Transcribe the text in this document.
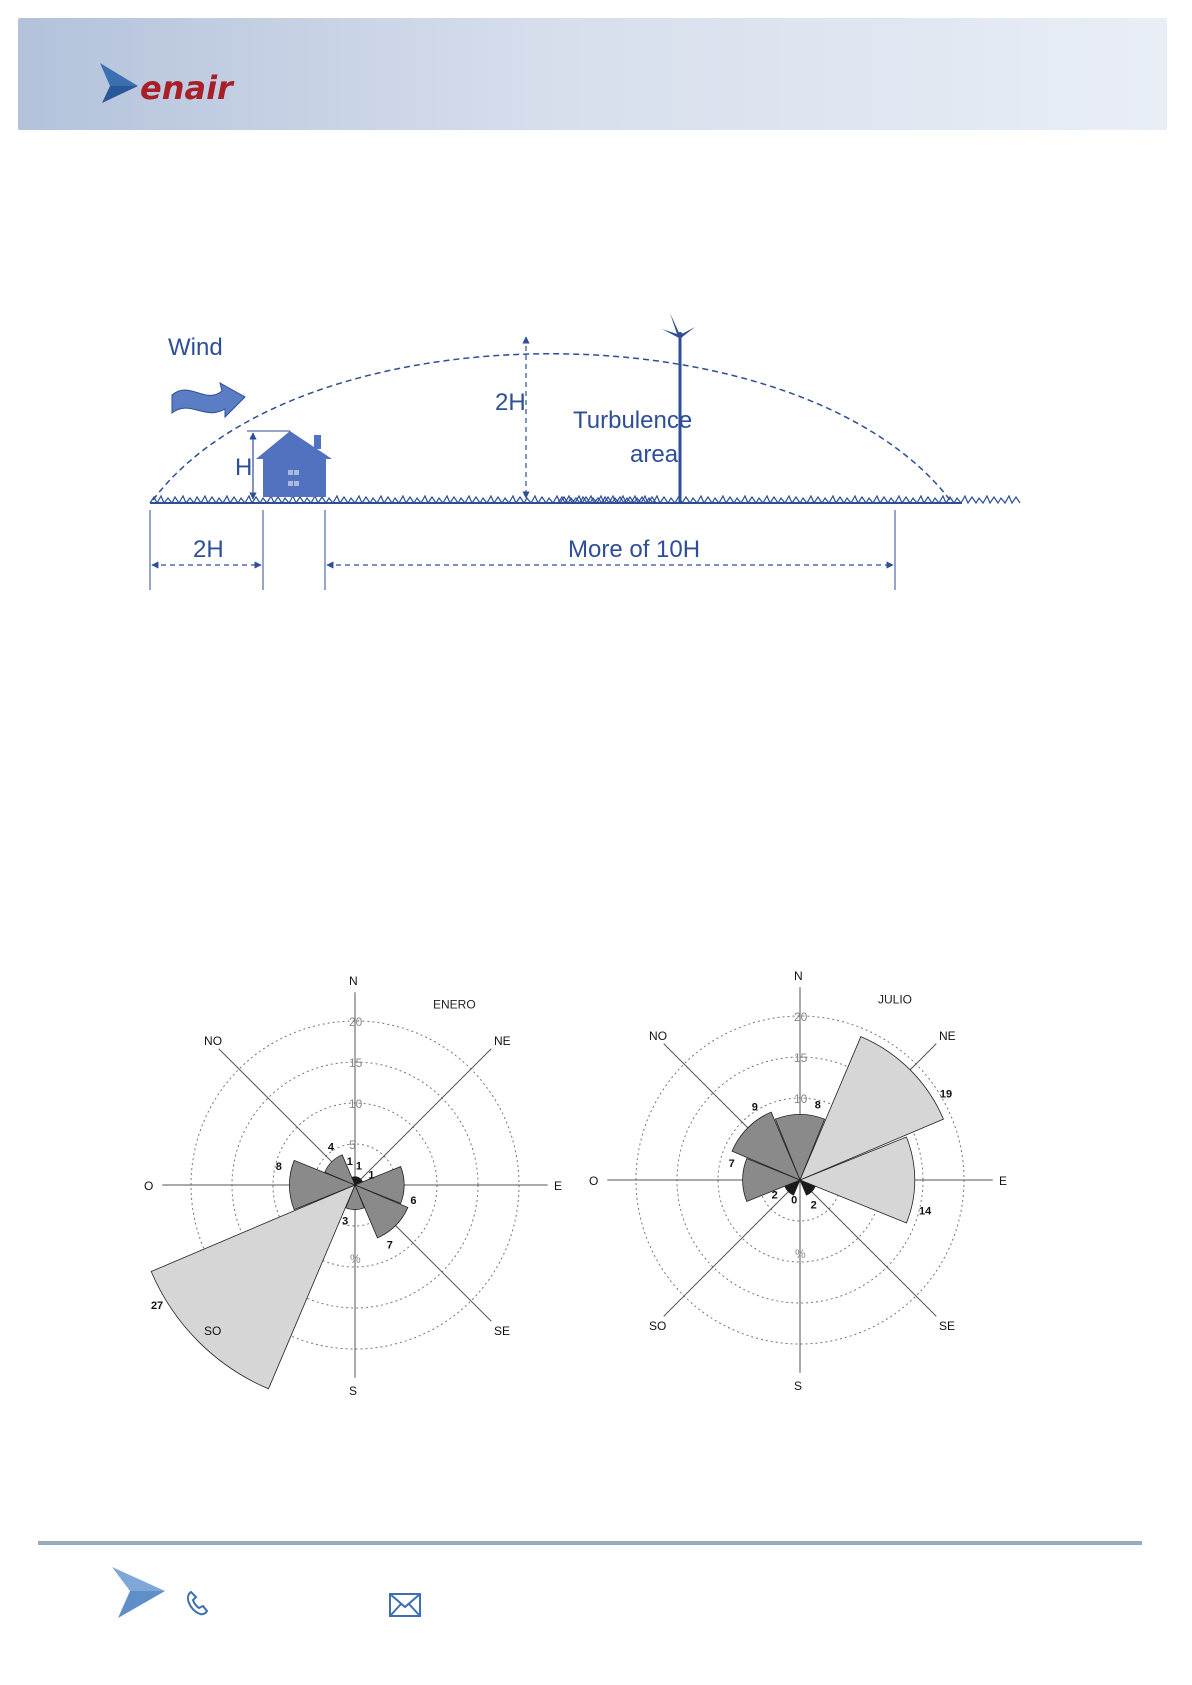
enair
Wind
H
2H
Turbulence
area
2H	More of 10H
5
10
15
20
%
N
NE
E
SE
S
SO
O
NO
1
1
6
7
3
27
8
4
1
ENERO
10
15
20
%
N
NE
E
SE
S
SO
O
NO
8
19
14
2
0
2
7
9
JULIO
